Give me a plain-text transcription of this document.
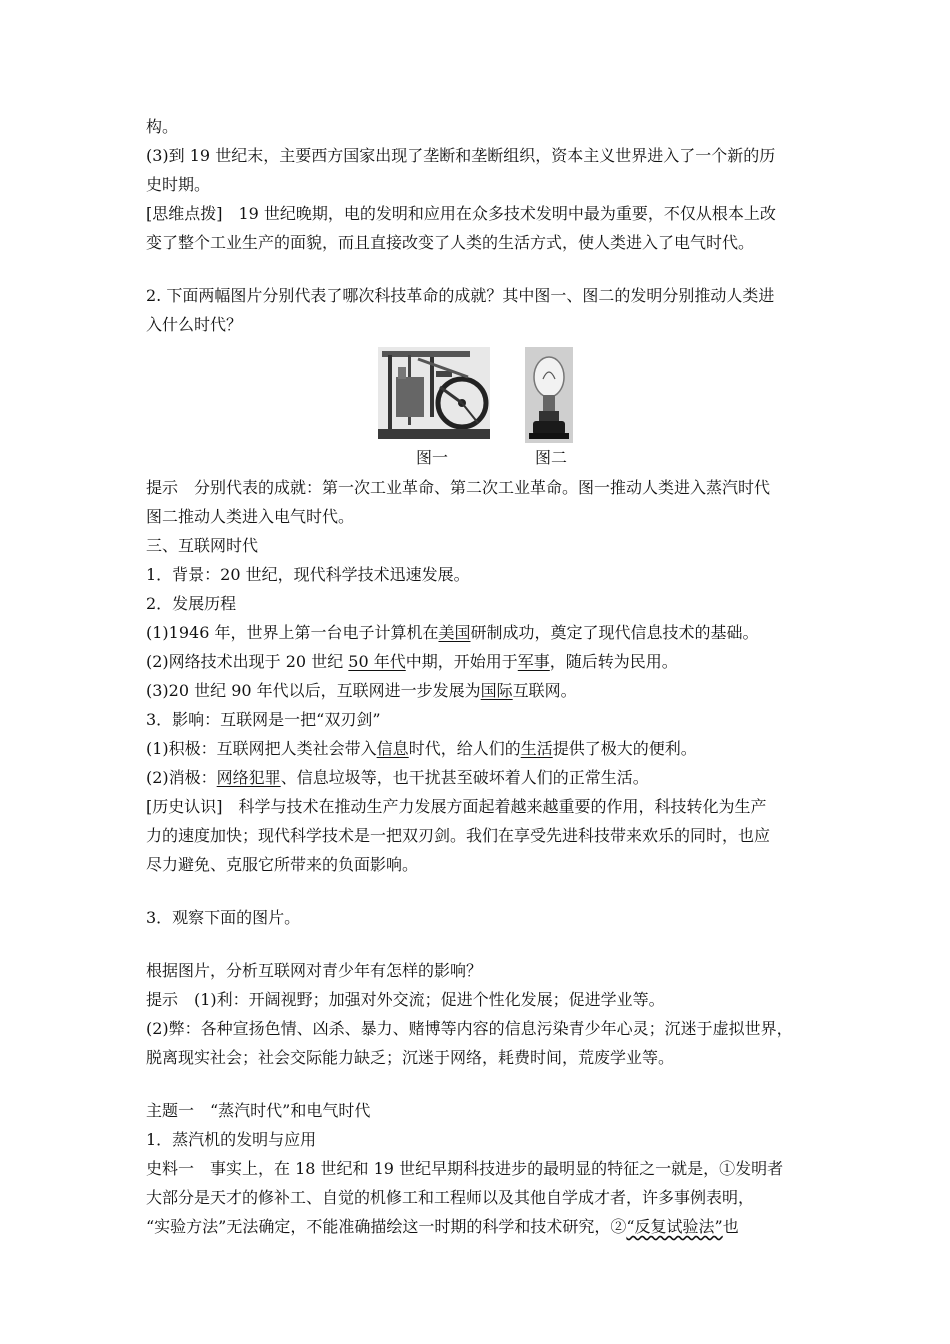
构。
(3)到 19 世纪末，主要西方国家出现了垄断和垄断组织，资本主义世界进入了一个新的历
史时期。
[思维点拨]　19 世纪晚期，电的发明和应用在众多技术发明中最为重要，不仅从根本上改
变了整个工业生产的面貌，而且直接改变了人类的生活方式，使人类进入了电气时代。
2. 下面两幅图片分别代表了哪次科技革命的成就？其中图一、图二的发明分别推动人类进
入什么时代？
图一	图二
提示　分别代表的成就：第一次工业革命、第二次工业革命。图一推动人类进入蒸汽时代
图二推动人类进入电气时代。
三、互联网时代
1．背景：20 世纪，现代科学技术迅速发展。
2．发展历程
(1)1946 年，世界上第一台电子计算机在美国研制成功，奠定了现代信息技术的基础。
(2)网络技术出现于 20 世纪 50 年代中期，开始用于军事，随后转为民用。
(3)20 世纪 90 年代以后，互联网进一步发展为国际互联网。
3．影响：互联网是一把“双刃剑”
(1)积极：互联网把人类社会带入信息时代，给人们的生活提供了极大的便利。
(2)消极：网络犯罪、信息垃圾等，也干扰甚至破坏着人们的正常生活。
[历史认识]　科学与技术在推动生产力发展方面起着越来越重要的作用，科技转化为生产
力的速度加快；现代科学技术是一把双刃剑。我们在享受先进科技带来欢乐的同时，也应
尽力避免、克服它所带来的负面影响。
3．观察下面的图片。
根据图片，分析互联网对青少年有怎样的影响？
提示　(1)利：开阔视野；加强对外交流；促进个性化发展；促进学业等。
(2)弊：各种宣扬色情、凶杀、暴力、赌博等内容的信息污染青少年心灵；沉迷于虚拟世界，
脱离现实社会；社会交际能力缺乏；沉迷于网络，耗费时间，荒废学业等。
主题一　“蒸汽时代”和电气时代
1．蒸汽机的发明与应用
史料一　事实上，在 18 世纪和 19 世纪早期科技进步的最明显的特征之一就是，①发明者
大部分是天才的修补工、自觉的机修工和工程师以及其他自学成才者，许多事例表明，
“实验方法”无法确定，不能准确描绘这一时期的科学和技术研究，②“反复试验法”也
